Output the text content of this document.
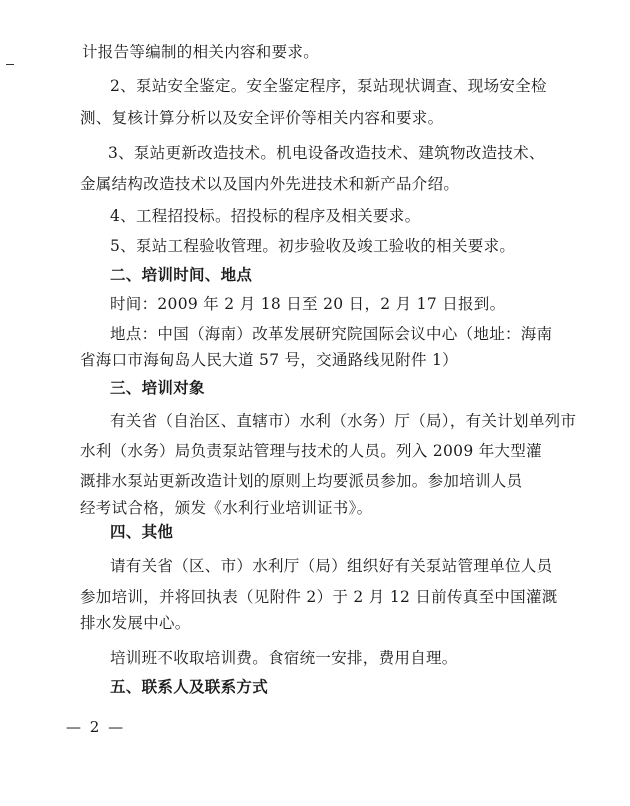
计报告等编制的相关内容和要求。
2、泵站安全鉴定。安全鉴定程序，泵站现状调查、现场安全检
测、复核计算分析以及安全评价等相关内容和要求。
3、泵站更新改造技术。机电设备改造技术、建筑物改造技术、
金属结构改造技术以及国内外先进技术和新产品介绍。
4、工程招投标。招投标的程序及相关要求。
5、泵站工程验收管理。初步验收及竣工验收的相关要求。
二、培训时间、地点
时间：2009 年 2 月 18 日至 20 日，2 月 17 日报到。
地点：中国（海南）改革发展研究院国际会议中心（地址：海南
省海口市海甸岛人民大道 57 号，交通路线见附件 1）
三、培训对象
有关省（自治区、直辖市）水利（水务）厅（局），有关计划单列市
水利（水务）局负责泵站管理与技术的人员。列入 2009 年大型灌
溉排水泵站更新改造计划的原则上均要派员参加。参加培训人员
经考试合格，颁发《水利行业培训证书》。
四、其他
请有关省（区、市）水利厅（局）组织好有关泵站管理单位人员
参加培训，并将回执表（见附件 2）于 2 月 12 日前传真至中国灌溉
排水发展中心。
培训班不收取培训费。食宿统一安排，费用自理。
五、联系人及联系方式
— 2 —
